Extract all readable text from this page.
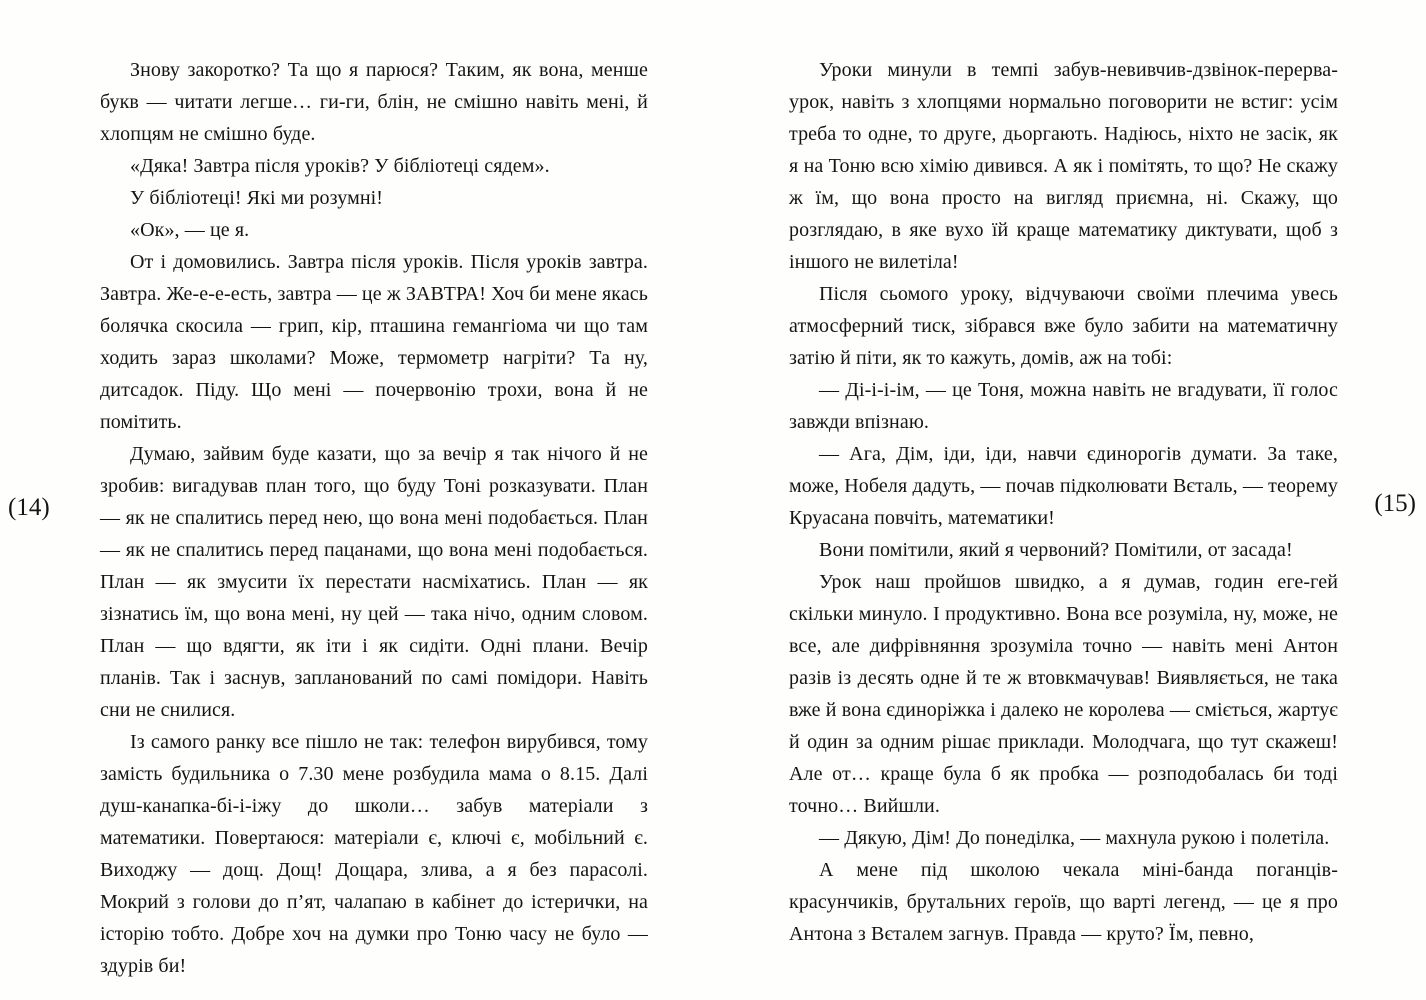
(14)

Знову закоротко? Та що я парюся? Таким, як вона, менше букв — читати легше… ги-ги, блін, не смішно навіть мені, й хлопцям не смішно буде.

«Дяка! Завтра після уроків? У бібліотеці сядем».

У бібліотеці! Які ми розумні!

«Ок», — це я.

От і домовились. Завтра після уроків. Після уроків завтра. Завтра. Же-е-е-есть, завтра — це ж ЗАВТРА! Хоч би мене якась болячка скосила — грип, кір, пташина гемангіома чи що там ходить зараз школами? Може, термометр нагріти? Та ну, дитсадок. Піду. Що мені — почервонію трохи, вона й не помітить.

Думаю, зайвим буде казати, що за вечір я так нічого й не зробив: вигадував план того, що буду Тоні розказувати. План — як не спалитись перед нею, що вона мені подобається. План — як не спалитись перед пацанами, що вона мені подобається. План — як змусити їх перестати насміхатись. План — як зізнатись їм, що вона мені, ну цей — така нічо, одним словом. План — що вдягти, як іти і як сидіти. Одні плани. Вечір планів. Так і заснув, запланований по самі помідори. Навіть сни не снилися.

Із самого ранку все пішло не так: телефон вирубився, тому замість будильника о 7.30 мене розбудила мама о 8.15. Далі душ-канапка-бі-і-іжу до школи… забув матеріали з математики. Повертаюся: матеріали є, ключі є, мобільний є. Виходжу — дощ. Дощ! Дощара, злива, а я без парасолі. Мокрий з голови до п’ят, чалапаю в кабінет до істерички, на історію тобто. Добре хоч на думки про Тоню часу не було — здурів би!

Уроки минули в темпі забув-невивчив-дзвінок-перерва-урок, навіть з хлопцями нормально поговорити не встиг: усім треба то одне, то друге, дьоргають. Надіюсь, ніхто не засік, як я на Тоню всю хімію дивився. А як і помітять, то що? Не скажу ж їм, що вона просто на вигляд приємна, ні. Скажу, що розглядаю, в яке вухо їй краще математику диктувати, щоб з іншого не вилетіла!

Після сьомого уроку, відчуваючи своїми плечима увесь атмосферний тиск, зібрався вже було забити на математичну затію й піти, як то кажуть, домів, аж на тобі:

— Ді-і-і-ім, — це Тоня, можна навіть не вгадувати, її голос завжди впізнаю.

— Ага, Дім, іди, іди, навчи єдинорогів думати. За таке, може, Нобеля дадуть, — почав підколювати Вєталь, — теорему Круасана повчіть, математики!

Вони помітили, який я червоний? Помітили, от засада!

Урок наш пройшов швидко, а я думав, годин еге-гей скільки минуло. І продуктивно. Вона все розуміла, ну, може, не все, але дифрівняння зрозуміла точно — навіть мені Антон разів із десять одне й те ж втовкмачував! Виявляється, не така вже й вона єдиноріжка і далеко не королева — сміється, жартує й один за одним рішає приклади. Молодчага, що тут скажеш! Але от… краще була б як пробка — розподобалась би тоді точно… Вийшли.

— Дякую, Дім! До понеділка, — махнула рукою і полетіла.

А мене під школою чекала міні-банда поганців-красунчиків, брутальних героїв, що варті легенд, — це я про Антона з Вєталем загнув. Правда — круто? Їм, певно,

(15)
